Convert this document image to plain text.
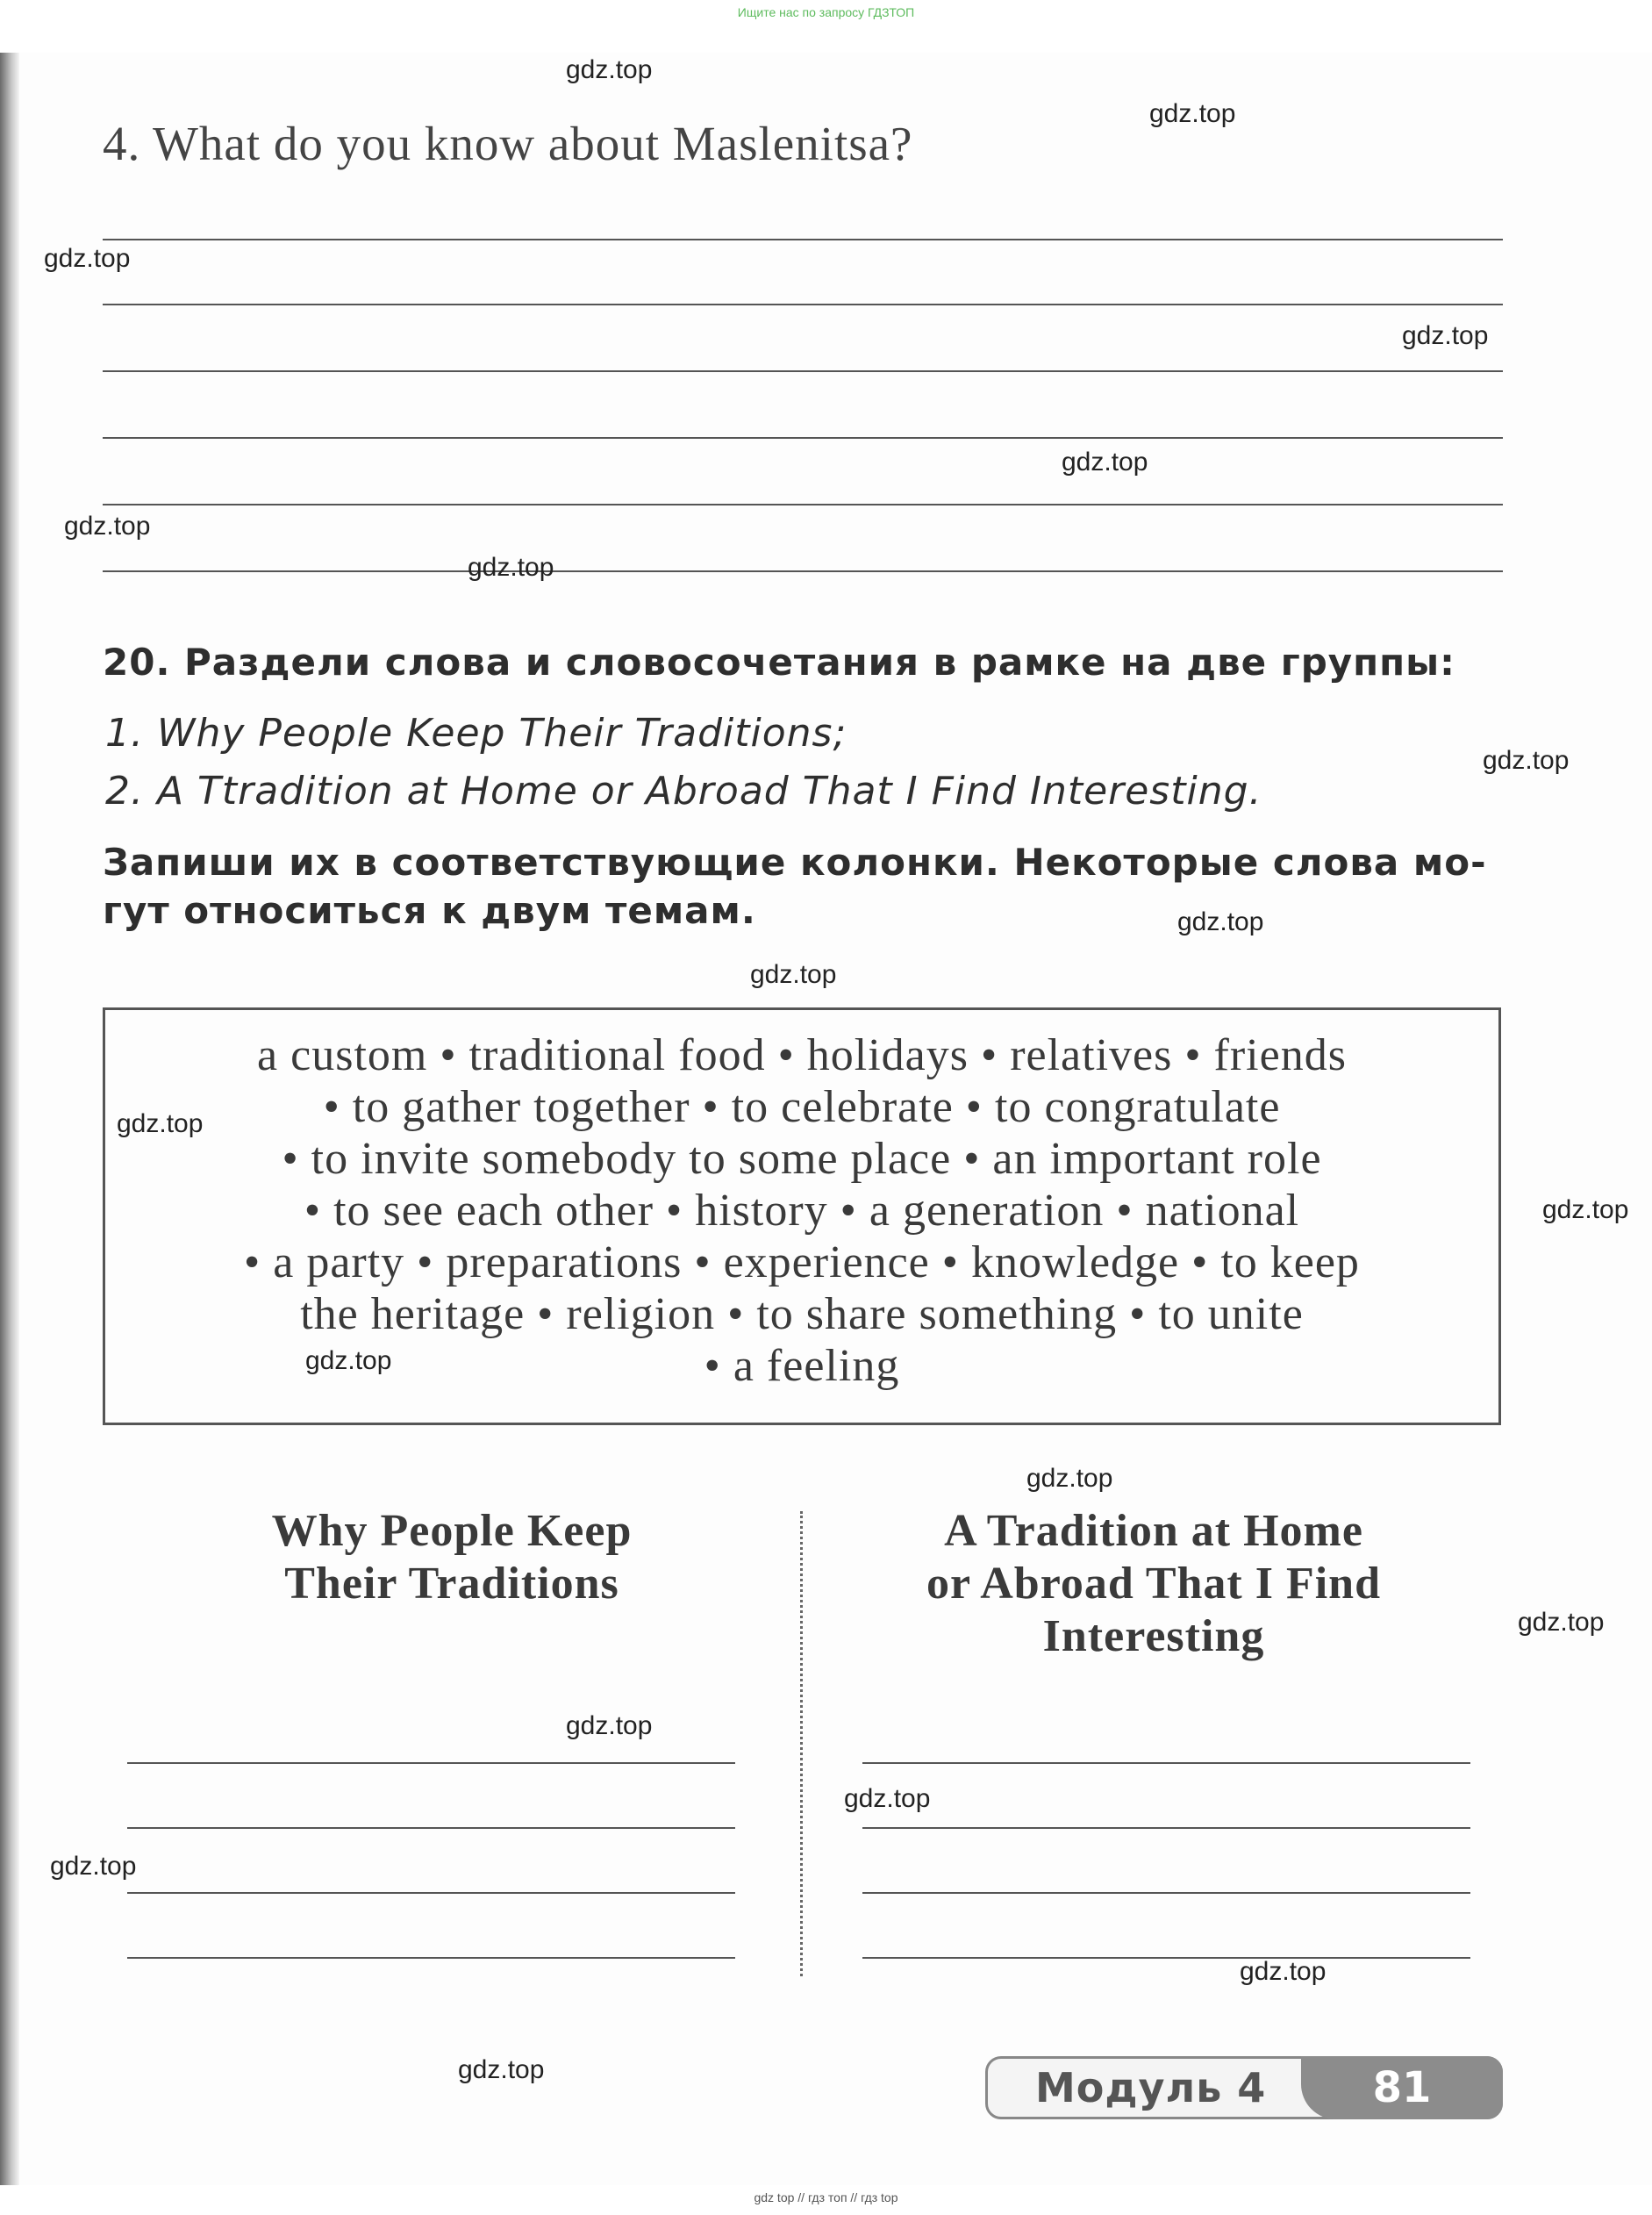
Ищите нас по запросу ГДЗТОП
4. What do you know about Maslenitsa?
20. Раздели слова и словосочетания в рамке на две группы:
1. Why People Keep Their Traditions;
2. A Ttradition at Home or Abroad That I Find Interesting.
Запиши их в соответствующие колонки. Некоторые слова мо-
гут относиться к двум темам.
a custom • traditional food • holidays • relatives • friends
• to gather together • to celebrate • to congratulate
• to invite somebody to some place • an important role
• to see each other • history • a generation • national
• a party • preparations • experience • knowledge • to keep
the heritage • religion • to share something • to unite
• a feeling
Why People Keep
Their Traditions
A Tradition at Home
or Abroad That I Find
Interesting
Модуль 4	81
gdz.top
gdz.top
gdz.top
gdz.top
gdz.top
gdz.top
gdz.top
gdz.top
gdz.top
gdz.top
gdz.top
gdz.top
gdz.top
gdz.top
gdz.top
gdz.top
gdz.top
gdz.top
gdz.top
gdz.top
gdz top // гдз топ // гдз top
